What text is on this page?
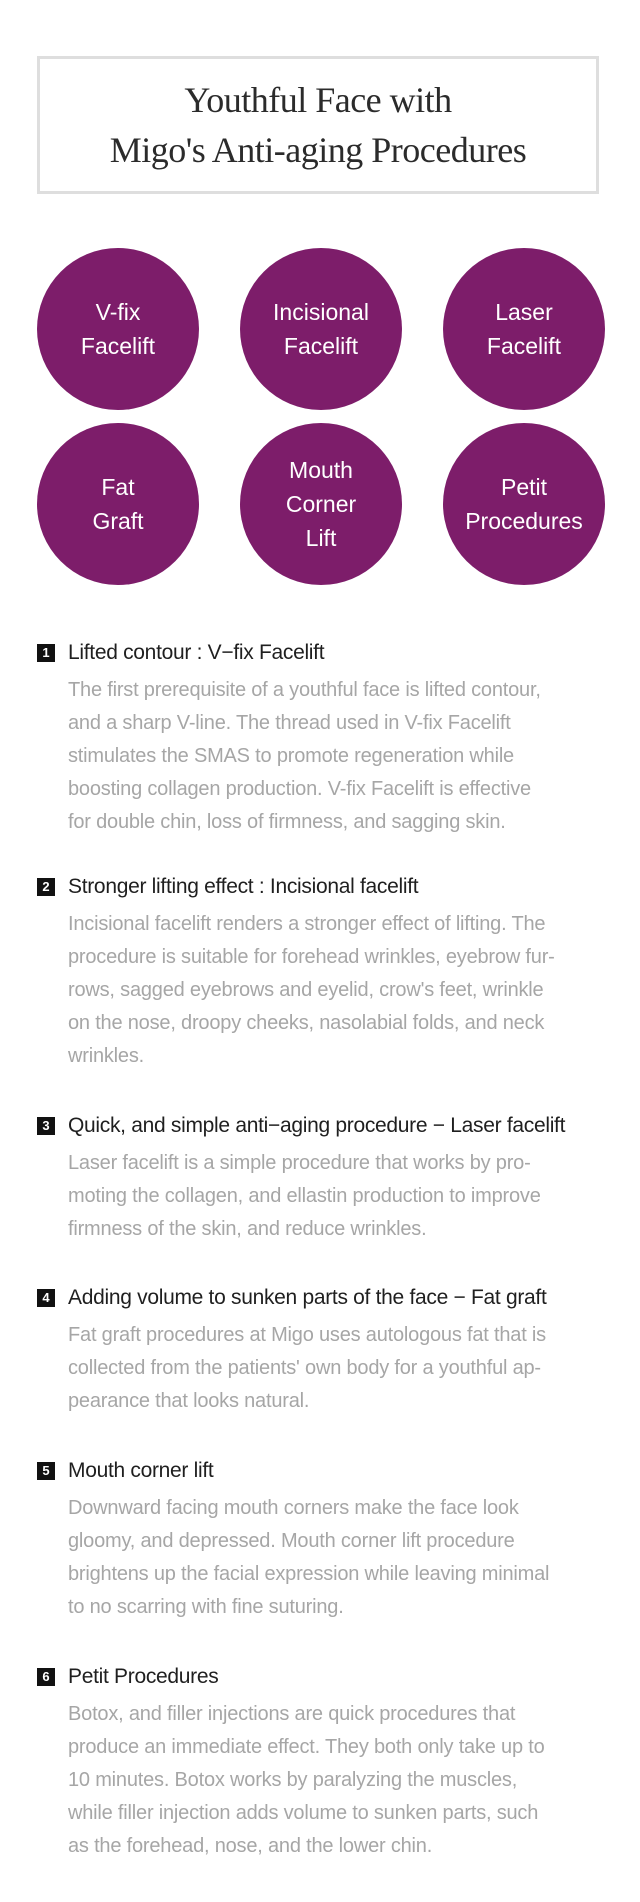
Youthful Face with
Migo's Anti-aging Procedures
V-fix
Facelift
Incisional
Facelift
Laser
Facelift
Fat
Graft
Mouth
Corner
Lift
Petit
Procedures
1 Lifted contour : V−fix Facelift
The first prerequisite of a youthful face is lifted contour,
and a sharp V-line. The thread used in V-fix Facelift
stimulates the SMAS to promote regeneration while
boosting collagen production. V-fix Facelift is effective
for double chin, loss of firmness, and sagging skin.
2 Stronger lifting effect : Incisional facelift
Incisional facelift renders a stronger effect of lifting. The
procedure is suitable for forehead wrinkles, eyebrow fur-
rows, sagged eyebrows and eyelid, crow's feet, wrinkle
on the nose, droopy cheeks, nasolabial folds, and neck
wrinkles.
3 Quick, and simple anti−aging procedure − Laser facelift
Laser facelift is a simple procedure that works by pro-
moting the collagen, and ellastin production to improve
firmness of the skin, and reduce wrinkles.
4 Adding volume to sunken parts of the face − Fat graft
Fat graft procedures at Migo uses autologous fat that is
collected from the patients' own body for a youthful ap-
pearance that looks natural.
5 Mouth corner lift
Downward facing mouth corners make the face look
gloomy, and depressed. Mouth corner lift procedure
brightens up the facial expression while leaving minimal
to no scarring with fine suturing.
6 Petit Procedures
Botox, and filler injections are quick procedures that
produce an immediate effect. They both only take up to
10 minutes. Botox works by paralyzing the muscles,
while filler injection adds volume to sunken parts, such
as the forehead, nose, and the lower chin.
